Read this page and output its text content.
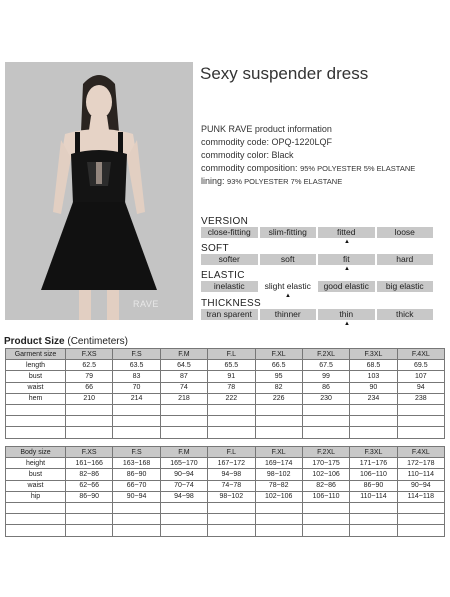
RAVE
Sexy suspender dress
PUNK RAVE product information
commodity code: OPQ-1220LQF
commodity color: Black
commodity composition: 95% POLYESTER 5% ELASTANE
lining: 93% POLYESTER 7% ELASTANE
VERSION
close-fitting	slim-fitting	fitted	loose
▲
SOFT
softer	soft	fit	hard
▲
ELASTIC
inelastic	slight elastic	good elastic	big elastic
▲
THICKNESS
tran sparent	thinner	thin	thick
▲
Product Size (Centimeters)
Garment size	F.XS	F.S	F.M	F.L	F.XL	F.2XL	F.3XL	F.4XL
length	62.5	63.5	64.5	65.5	66.5	67.5	68.5	69.5
bust	79	83	87	91	95	99	103	107
waist	66	70	74	78	82	86	90	94
hem	210	214	218	222	226	230	234	238

Body size	F.XS	F.S	F.M	F.L	F.XL	F.2XL	F.3XL	F.4XL
height	161~166	163~168	165~170	167~172	169~174	170~175	171~176	172~178
bust	82~86	86~90	90~94	94~98	98~102	102~106	106~110	110~114
waist	62~66	66~70	70~74	74~78	78~82	82~86	86~90	90~94
hip	86~90	90~94	94~98	98~102	102~106	106~110	110~114	114~118
